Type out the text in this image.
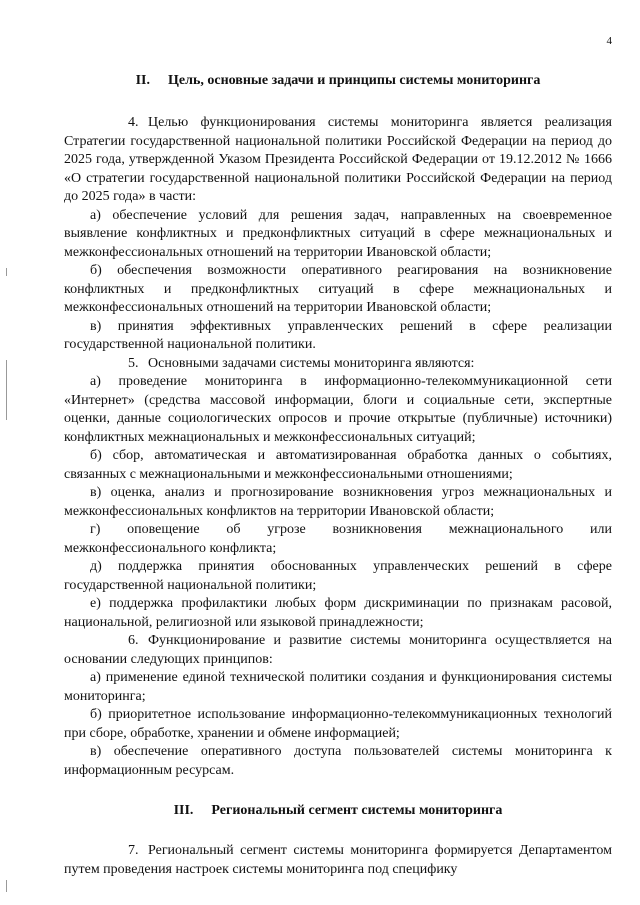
4

II. Цель, основные задачи и принципы системы мониторинга

4. Целью функционирования системы мониторинга является реализация Стратегии государственной национальной политики Российской Федерации на период до 2025 года, утвержденной Указом Президента Российской Федерации от 19.12.2012 № 1666 «О стратегии государственной национальной политики Российской Федерации на период до 2025 года» в части:

а) обеспечение условий для решения задач, направленных на своевременное выявление конфликтных и предконфликтных ситуаций в сфере межнациональных и межконфессиональных отношений на территории Ивановской области;

б) обеспечения возможности оперативного реагирования на возникновение конфликтных и предконфликтных ситуаций в сфере межнациональных и межконфессиональных отношений на территории Ивановской области;

в) принятия эффективных управленческих решений в сфере реализации государственной национальной политики.

5. Основными задачами системы мониторинга являются:

а) проведение мониторинга в информационно-телекоммуникационной сети «Интернет» (средства массовой информации, блоги и социальные сети, экспертные оценки, данные социологических опросов и прочие открытые (публичные) источники) конфликтных межнациональных и межконфессиональных ситуаций;

б) сбор, автоматическая и автоматизированная обработка данных о событиях, связанных с межнациональными и межконфессиональными отношениями;

в) оценка, анализ и прогнозирование возникновения угроз межнациональных и межконфессиональных конфликтов на территории Ивановской области;

г) оповещение об угрозе возникновения межнационального или межконфессионального конфликта;

д) поддержка принятия обоснованных управленческих решений в сфере государственной национальной политики;

е) поддержка профилактики любых форм дискриминации по признакам расовой, национальной, религиозной или языковой принадлежности;

6. Функционирование и развитие системы мониторинга осуществляется на основании следующих принципов:

а) применение единой технической политики создания и функционирования системы мониторинга;

б) приоритетное использование информационно-телекоммуникационных технологий при сборе, обработке, хранении и обмене информацией;

в) обеспечение оперативного доступа пользователей системы мониторинга к информационным ресурсам.

III. Региональный сегмент системы мониторинга

7. Региональный сегмент системы мониторинга формируется Департаментом путем проведения настроек системы мониторинга под специфику
